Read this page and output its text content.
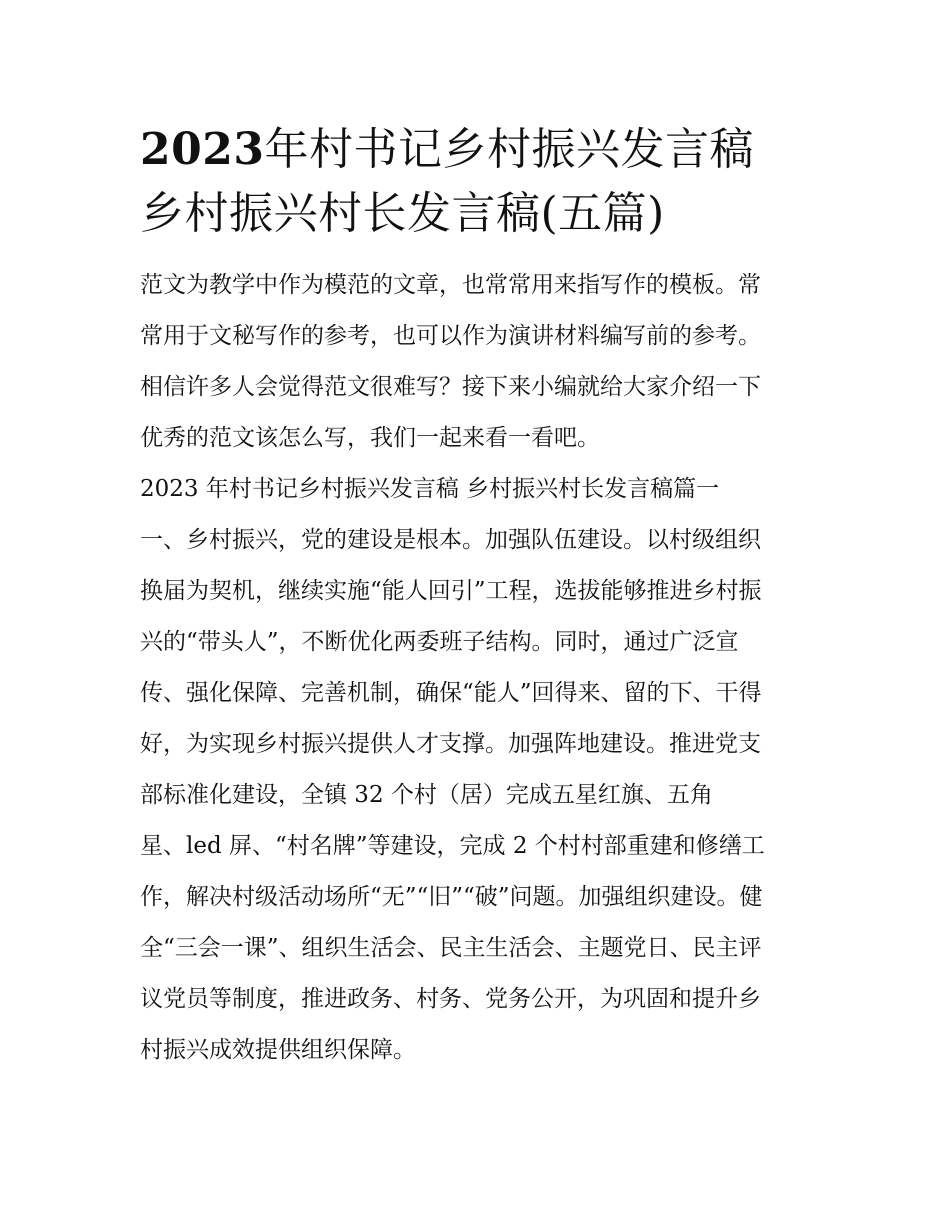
2023年村书记乡村振兴发言稿
乡村振兴村长发言稿(五篇)

范文为教学中作为模范的文章，也常常用来指写作的模板。常
常用于文秘写作的参考，也可以作为演讲材料编写前的参考。
相信许多人会觉得范文很难写？接下来小编就给大家介绍一下
优秀的范文该怎么写，我们一起来看一看吧。

2023 年村书记乡村振兴发言稿 乡村振兴村长发言稿篇一

一、乡村振兴，党的建设是根本。加强队伍建设。以村级组织
换届为契机，继续实施“能人回引”工程，选拔能够推进乡村振
兴的“带头人”，不断优化两委班子结构。同时，通过广泛宣
传、强化保障、完善机制，确保“能人”回得来、留的下、干得
好，为实现乡村振兴提供人才支撑。加强阵地建设。推进党支
部标准化建设，全镇 32 个村（居）完成五星红旗、五角
星、led 屏、“村名牌”等建设，完成 2 个村村部重建和修缮工
作，解决村级活动场所“无”“旧”“破”问题。加强组织建设。健
全“三会一课”、组织生活会、民主生活会、主题党日、民主评
议党员等制度，推进政务、村务、党务公开，为巩固和提升乡
村振兴成效提供组织保障。
